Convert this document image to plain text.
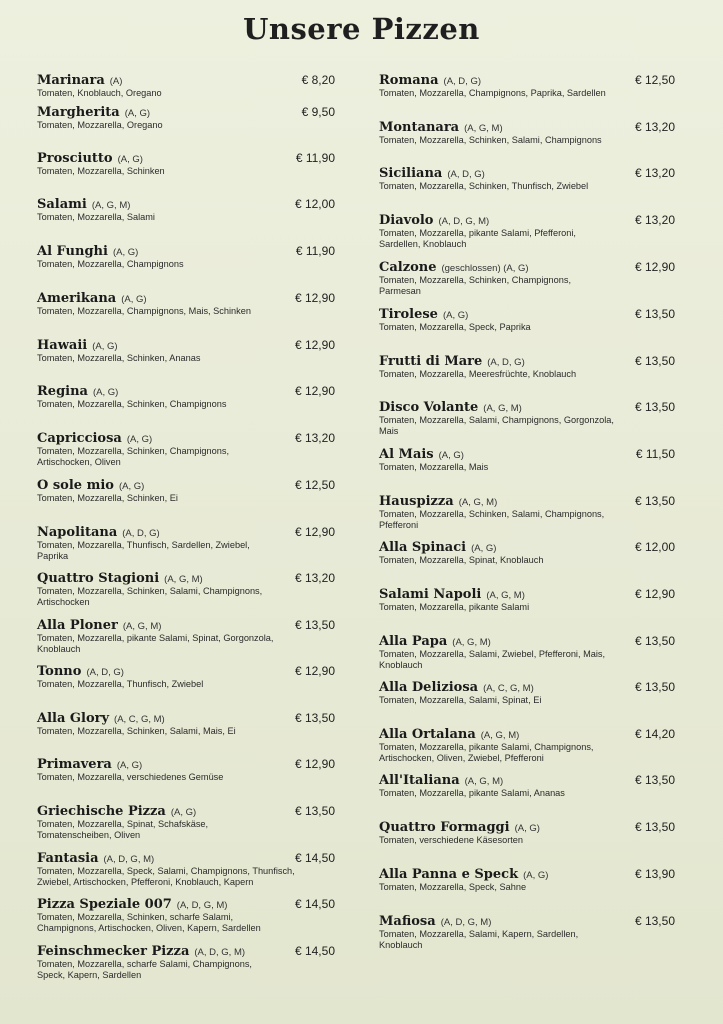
Unsere Pizzen
Marinara (A)	€ 8,20
Tomaten, Knoblauch, Oregano
Margherita (A, G)	€ 9,50
Tomaten, Mozzarella, Oregano
Prosciutto (A, G)	€ 11,90
Tomaten, Mozzarella, Schinken
Salami (A, G, M)	€ 12,00
Tomaten, Mozzarella, Salami
Al Funghi (A, G)	€ 11,90
Tomaten, Mozzarella, Champignons
Amerikana (A, G)	€ 12,90
Tomaten, Mozzarella, Champignons, Mais, Schinken
Hawaii (A, G)	€ 12,90
Tomaten, Mozzarella, Schinken, Ananas
Regina (A, G)	€ 12,90
Tomaten, Mozzarella, Schinken, Champignons
Capricciosa (A, G)	€ 13,20
Tomaten, Mozzarella, Schinken, Champignons, Artischocken, Oliven
O sole mio (A, G)	€ 12,50
Tomaten, Mozzarella, Schinken, Ei
Napolitana (A, D, G)	€ 12,90
Tomaten, Mozzarella, Thunfisch, Sardellen, Zwiebel, Paprika
Quattro Stagioni (A, G, M)	€ 13,20
Tomaten, Mozzarella, Schinken, Salami, Champignons, Artischocken
Alla Ploner (A, G, M)	€ 13,50
Tomaten, Mozzarella, pikante Salami, Spinat, Gorgonzola, Knoblauch
Tonno (A, D, G)	€ 12,90
Tomaten, Mozzarella, Thunfisch, Zwiebel
Alla Glory (A, C, G, M)	€ 13,50
Tomaten, Mozzarella, Schinken, Salami, Mais, Ei
Primavera (A, G)	€ 12,90
Tomaten, Mozzarella, verschiedenes Gemüse
Griechische Pizza (A, G)	€ 13,50
Tomaten, Mozzarella, Spinat, Schafskäse, Tomatenscheiben, Oliven
Fantasia (A, D, G, M)	€ 14,50
Tomaten, Mozzarella, Speck, Salami, Champignons, Thunfisch, Zwiebel, Artischocken, Pfefferoni, Knoblauch, Kapern
Pizza Speziale 007 (A, D, G, M)	€ 14,50
Tomaten, Mozzarella, Schinken, scharfe Salami, Champignons, Artischocken, Oliven, Kapern, Sardellen
Feinschmecker Pizza (A, D, G, M)	€ 14,50
Tomaten, Mozzarella, scharfe Salami, Champignons, Speck, Kapern, Sardellen
Romana (A, D, G)	€ 12,50
Tomaten, Mozzarella, Champignons, Paprika, Sardellen
Montanara (A, G, M)	€ 13,20
Tomaten, Mozzarella, Schinken, Salami, Champignons
Siciliana (A, D, G)	€ 13,20
Tomaten, Mozzarella, Schinken, Thunfisch, Zwiebel
Diavolo (A, D, G, M)	€ 13,20
Tomaten, Mozzarella, pikante Salami, Pfefferoni, Sardellen, Knoblauch
Calzone (geschlossen) (A, G)	€ 12,90
Tomaten, Mozzarella, Schinken, Champignons, Parmesan
Tirolese (A, G)	€ 13,50
Tomaten, Mozzarella, Speck, Paprika
Frutti di Mare (A, D, G)	€ 13,50
Tomaten, Mozzarella, Meeresfrüchte, Knoblauch
Disco Volante (A, G, M)	€ 13,50
Tomaten, Mozzarella, Salami, Champignons, Gorgonzola, Mais
Al Mais (A, G)	€ 11,50
Tomaten, Mozzarella, Mais
Hauspizza (A, G, M)	€ 13,50
Tomaten, Mozzarella, Schinken, Salami, Champignons, Pfefferoni
Alla Spinaci (A, G)	€ 12,00
Tomaten, Mozzarella, Spinat, Knoblauch
Salami Napoli (A, G, M)	€ 12,90
Tomaten, Mozzarella, pikante Salami
Alla Papa (A, G, M)	€ 13,50
Tomaten, Mozzarella, Salami, Zwiebel, Pfefferoni, Mais, Knoblauch
Alla Deliziosa (A, C, G, M)	€ 13,50
Tomaten, Mozzarella, Salami, Spinat, Ei
Alla Ortalana (A, G, M)	€ 14,20
Tomaten, Mozzarella, pikante Salami, Champignons, Artischocken, Oliven, Zwiebel, Pfefferoni
All'Italiana (A, G, M)	€ 13,50
Tomaten, Mozzarella, pikante Salami, Ananas
Quattro Formaggi (A, G)	€ 13,50
Tomaten, verschiedene Käsesorten
Alla Panna e Speck (A, G)	€ 13,90
Tomaten, Mozzarella, Speck, Sahne
Mafiosa (A, D, G, M)	€ 13,50
Tomaten, Mozzarella, Salami, Kapern, Sardellen, Knoblauch
